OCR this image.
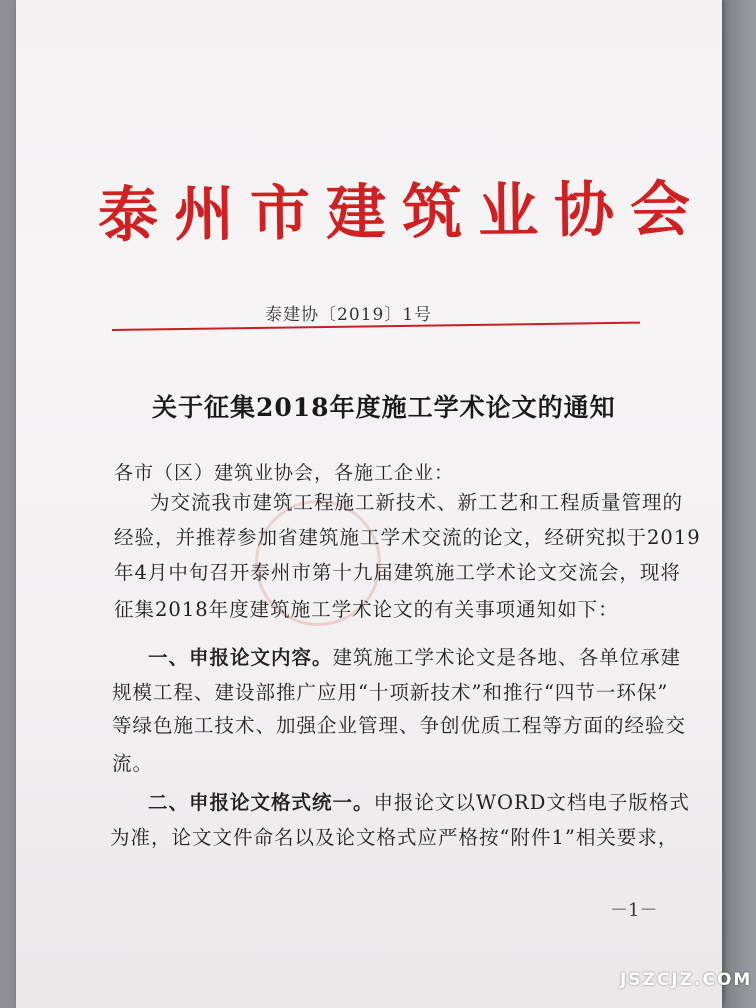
泰州市建筑业协会
泰建协〔2019〕1号
关于征集2018年度施工学术论文的通知
各市（区）建筑业协会，各施工企业：
为交流我市建筑工程施工新技术、新工艺和工程质量管理的
经验，并推荐参加省建筑施工学术交流的论文，经研究拟于2019
年4月中旬召开泰州市第十九届建筑施工学术论文交流会，现将
征集2018年度建筑施工学术论文的有关事项通知如下：
一、申报论文内容。建筑施工学术论文是各地、各单位承建
规模工程、建设部推广应用“十项新技术”和推行“四节一环保”
等绿色施工技术、加强企业管理、争创优质工程等方面的经验交
流。
二、申报论文格式统一。申报论文以WORD文档电子版格式
为准，论文文件命名以及论文格式应严格按“附件1”相关要求，
－1－
JSZCJZ.COM
